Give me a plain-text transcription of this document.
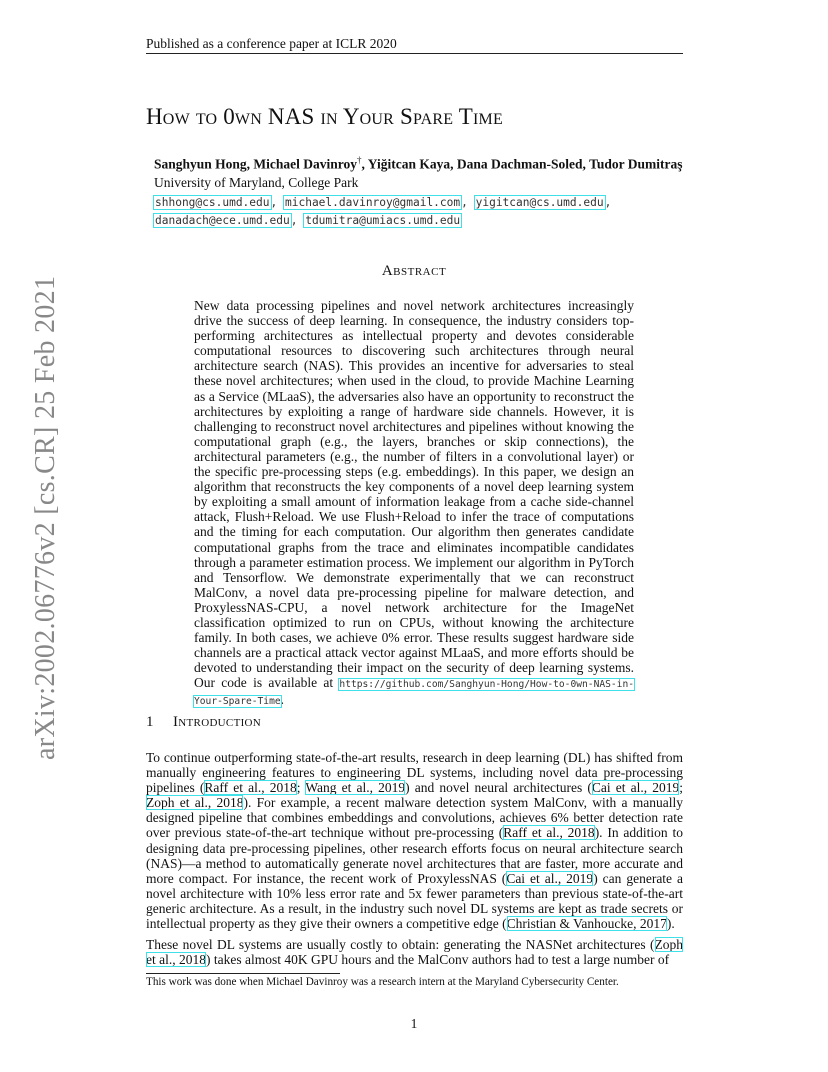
Published as a conference paper at ICLR 2020
arXiv:2002.06776v2 [cs.CR] 25 Feb 2021
How to 0wn NAS in Your Spare Time
Sanghyun Hong, Michael Davinroy†, Yiğitcan Kaya, Dana Dachman-Soled, Tudor Dumitraş
University of Maryland, College Park
shhong@cs.umd.edu, michael.davinroy@gmail.com, yigitcan@cs.umd.edu,
danadach@ece.umd.edu, tdumitra@umiacs.umd.edu
Abstract
New data processing pipelines and novel network architectures increasingly drive the success of deep learning. In consequence, the industry considers top-performing architectures as intellectual property and devotes considerable computational resources to discovering such architectures through neural architecture search (NAS). This provides an incentive for adversaries to steal these novel architectures; when used in the cloud, to provide Machine Learning as a Service (MLaaS), the adversaries also have an opportunity to reconstruct the architectures by exploiting a range of hardware side channels. However, it is challenging to reconstruct novel architectures and pipelines without knowing the computational graph (e.g., the layers, branches or skip connections), the architectural parameters (e.g., the number of filters in a convolutional layer) or the specific pre-processing steps (e.g. embeddings). In this paper, we design an algorithm that reconstructs the key components of a novel deep learning system by exploiting a small amount of information leakage from a cache side-channel attack, Flush+Reload. We use Flush+Reload to infer the trace of computations and the timing for each computation. Our algorithm then generates candidate computational graphs from the trace and eliminates incompatible candidates through a parameter estimation process. We implement our algorithm in PyTorch and Tensorflow. We demonstrate experimentally that we can reconstruct MalConv, a novel data pre-processing pipeline for malware detection, and ProxylessNAS-CPU, a novel network architecture for the ImageNet classification optimized to run on CPUs, without knowing the architecture family. In both cases, we achieve 0% error. These results suggest hardware side channels are a practical attack vector against MLaaS, and more efforts should be devoted to understanding their impact on the security of deep learning systems. Our code is available at https://github.com/Sanghyun-Hong/How-to-0wn-NAS-in-Your-Spare-Time.
1 Introduction

To continue outperforming state-of-the-art results, research in deep learning (DL) has shifted from manually engineering features to engineering DL systems, including novel data pre-processing pipelines (Raff et al., 2018; Wang et al., 2019) and novel neural architectures (Cai et al., 2019; Zoph et al., 2018). For example, a recent malware detection system MalConv, with a manually designed pipeline that combines embeddings and convolutions, achieves 6% better detection rate over previous state-of-the-art technique without pre-processing (Raff et al., 2018). In addition to designing data pre-processing pipelines, other research efforts focus on neural architecture search (NAS)—a method to automatically generate novel architectures that are faster, more accurate and more compact. For instance, the recent work of ProxylessNAS (Cai et al., 2019) can generate a novel architecture with 10% less error rate and 5x fewer parameters than previous state-of-the-art generic architecture. As a result, in the industry such novel DL systems are kept as trade secrets or intellectual property as they give their owners a competitive edge (Christian & Vanhoucke, 2017).

These novel DL systems are usually costly to obtain: generating the NASNet architectures (Zoph et al., 2018) takes almost 40K GPU hours and the MalConv authors had to test a large number of

This work was done when Michael Davinroy was a research intern at the Maryland Cybersecurity Center.
1
